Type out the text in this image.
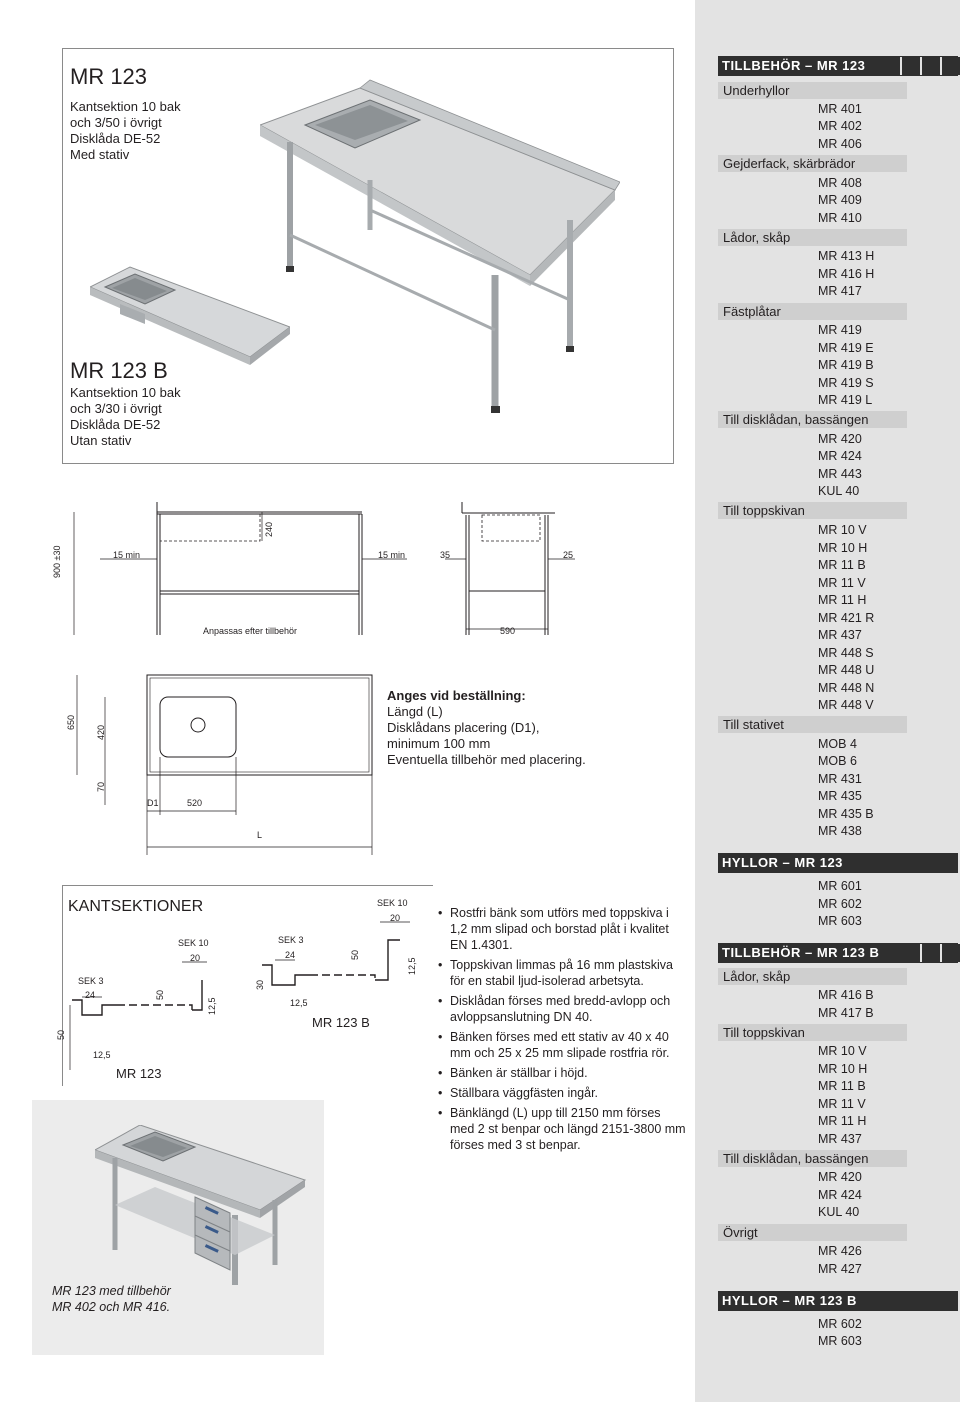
MR 123
Kantsektion 10 bak
och 3/50 i övrigt
Disklåda DE-52
Med stativ
MR 123 B
Kantsektion 10 bak
och 3/30 i övrigt
Disklåda DE-52
Utan stativ
900 ±30	15 min
240
15 min
Anpassas efter tillbehör
35	25
590
650
420
70
D1	520
L
Anges vid beställning:
Längd (L)
Disklådans placering (D1),
minimum 100 mm
Eventuella tillbehör med placering.
KANTSEKTIONER
SEK 3
24
50
12,5
SEK 10
20
50
12,5
MR 123
SEK 3
24
30
12,5
SEK 10
20
50
12,5
MR 123 B
MR 123 med tillbehör
MR 402 och MR 416.
• Rostfri bänk som utförs med toppskiva i 1,2 mm slipad och borstad plåt i kvalitet EN 1.4301.
• Toppskivan limmas på 16 mm plastskiva för en stabil ljud-isolerad arbetsyta.
• Disklådan förses med bredd-avlopp och avloppsanslutning DN 40.
• Bänken förses med ett stativ av 40 x 40 mm och 25 x 25 mm slipade rostfria rör.
• Bänken är ställbar i höjd.
• Ställbara väggfästen ingår.
• Bänklängd (L) upp till 2150 mm förses med 2 st benpar och längd 2151-3800 mm förses med 3 st benpar.
TILLBEHÖR – MR 123
Underhyllor
MR 401
MR 402
MR 406
Gejderfack, skärbrädor
MR 408
MR 409
MR 410
Lådor, skåp
MR 413 H
MR 416 H
MR 417
Fästplåtar
MR 419
MR 419 E
MR 419 B
MR 419 S
MR 419 L
Till disklådan, bassängen
MR 420
MR 424
MR 443
KUL 40
Till toppskivan
MR 10 V
MR 10 H
MR 11 B
MR 11 V
MR 11 H
MR 421 R
MR 437
MR 448 S
MR 448 U
MR 448 N
MR 448 V
Till stativet
MOB 4
MOB 6
MR 431
MR 435
MR 435 B
MR 438
HYLLOR – MR 123
MR 601
MR 602
MR 603
TILLBEHÖR – MR 123 B
Lådor, skåp
MR 416 B
MR 417 B
Till toppskivan
MR 10 V
MR 10 H
MR 11 B
MR 11 V
MR 11 H
MR 437
Till disklådan, bassängen
MR 420
MR 424
KUL 40
Övrigt
MR 426
MR 427
HYLLOR – MR 123 B
MR 602
MR 603
